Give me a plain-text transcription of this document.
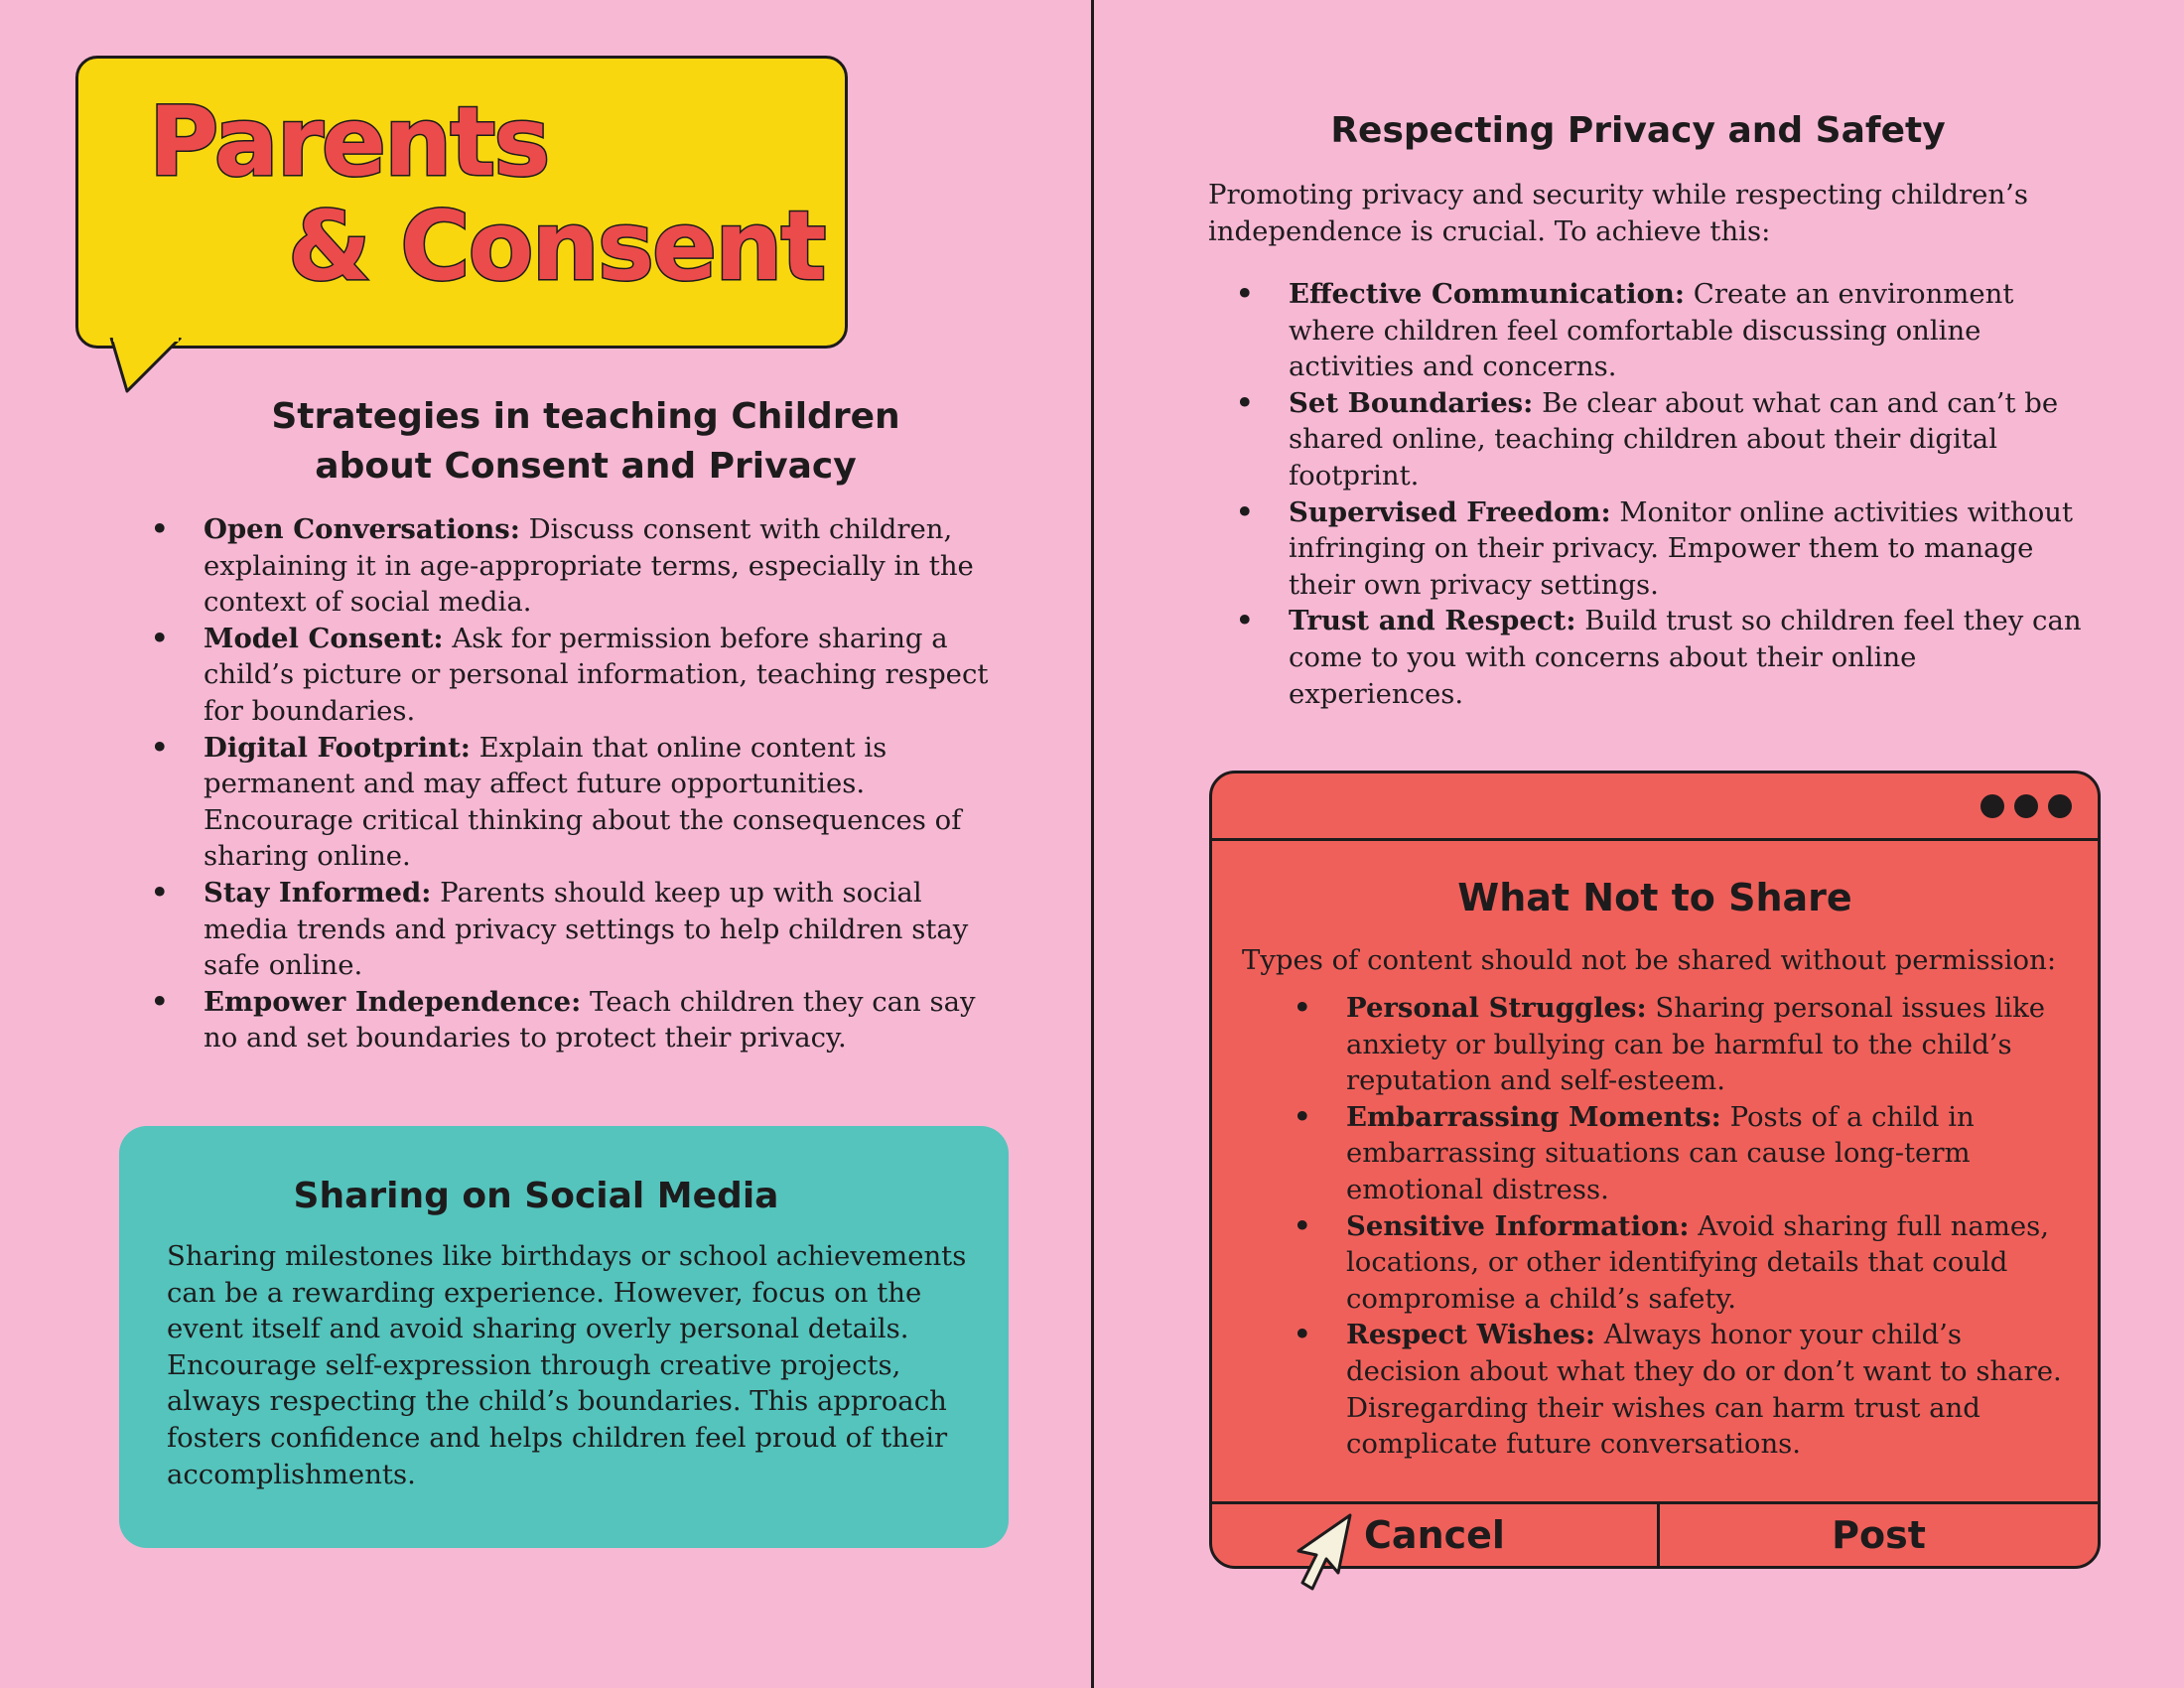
Parents
& Consent
Strategies in teaching Children
about Consent and Privacy
• Open Conversations: Discuss consent with children, explaining it in age-appropriate terms, especially in the context of social media.
• Model Consent: Ask for permission before sharing a child’s picture or personal information, teaching respect for boundaries.
• Digital Footprint: Explain that online content is permanent and may affect future opportunities. Encourage critical thinking about the consequences of sharing online.
• Stay Informed: Parents should keep up with social media trends and privacy settings to help children stay safe online.
• Empower Independence: Teach children they can say no and set boundaries to protect their privacy.
Sharing on Social Media
Sharing milestones like birthdays or school achievements can be a rewarding experience. However, focus on the event itself and avoid sharing overly personal details. Encourage self-expression through creative projects, always respecting the child’s boundaries. This approach fosters confidence and helps children feel proud of their accomplishments.
Respecting Privacy and Safety
Promoting privacy and security while respecting children’s independence is crucial. To achieve this:
• Effective Communication: Create an environment where children feel comfortable discussing online activities and concerns.
• Set Boundaries: Be clear about what can and can’t be shared online, teaching children about their digital footprint.
• Supervised Freedom: Monitor online activities without infringing on their privacy. Empower them to manage their own privacy settings.
• Trust and Respect: Build trust so children feel they can come to you with concerns about their online experiences.
What Not to Share
Types of content should not be shared without permission:
• Personal Struggles: Sharing personal issues like anxiety or bullying can be harmful to the child’s reputation and self-esteem.
• Embarrassing Moments: Posts of a child in embarrassing situations can cause long-term emotional distress.
• Sensitive Information: Avoid sharing full names, locations, or other identifying details that could compromise a child’s safety.
• Respect Wishes: Always honor your child’s decision about what they do or don’t want to share. Disregarding their wishes can harm trust and complicate future conversations.
Cancel	Post
